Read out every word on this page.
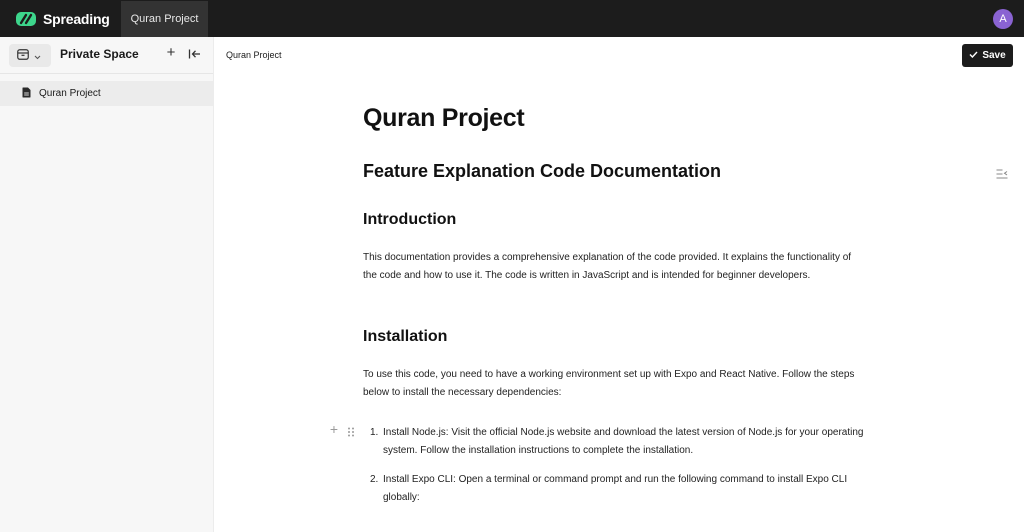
Spreading	Quran Project	A
Private Space +
Quran Project
Quran Project	Save
Quran Project
Feature Explanation Code Documentation
Introduction

This documentation provides a comprehensive explanation of the code provided. It explains the functionality of the code and how to use it. The code is written in JavaScript and is intended for beginner developers.

Installation

To use this code, you need to have a working environment set up with Expo and React Native. Follow the steps below to install the necessary dependencies:

+	1. Install Node.js: Visit the official Node.js website and download the latest version of Node.js for your operating system. Follow the installation instructions to complete the installation.
2. Install Expo CLI: Open a terminal or command prompt and run the following command to install Expo CLI globally:
